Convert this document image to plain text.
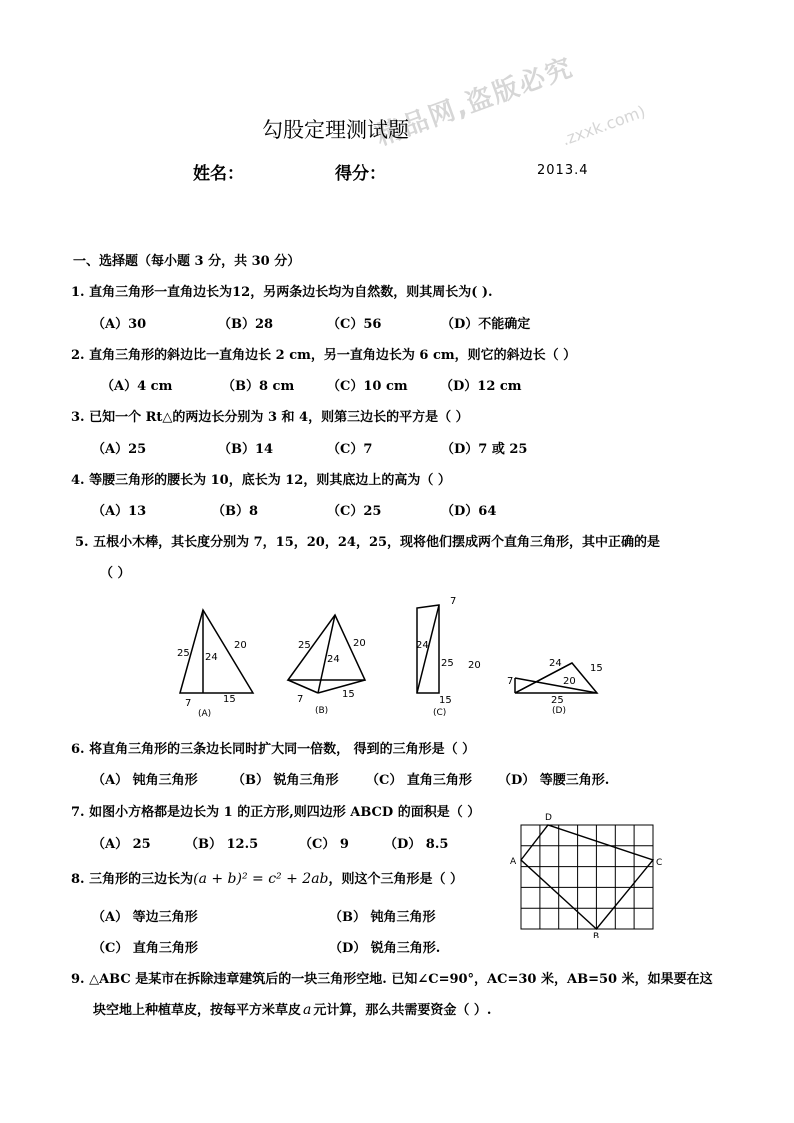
精品网,盗版必究
.zxxk.com)
勾股定理测试题
姓名：	得分：	2013.4
一、选择题（每小题 3 分，共 30 分）
1. 直角三角形一直角边长为12，另两条边长均为自然数，则其周长为( ).
（A）30	（B）28	（C）56	（D）不能确定
2. 直角三角形的斜边比一直角边长 2 cm，另一直角边长为 6 cm，则它的斜边长（ ）
（A）4 cm	（B）8 cm	（C）10 cm （D）12 cm
3. 已知一个 Rt△的两边长分别为 3 和 4，则第三边长的平方是（ ）
（A）25	（B）14	（C）7	（D）7 或 25
4. 等腰三角形的腰长为 10，底长为 12，则其底边上的高为（ ）
（A）13	（B）8	（C）25	（D）64
5. 五根小木棒，其长度分别为 7，15，20，24，25，现将他们摆成两个直角三角形，其中正确的是
（ ）
25 24
20
7	15
(A)
25	20
24
7	15
(B)
7
24
25 20
15
(C)
24	15
7	20
25
(D)
6. 将直角三角形的三条边长同时扩大同一倍数， 得到的三角形是（ ）
（A） 钝角三角形	（B） 锐角三角形 （C） 直角三角形 （D） 等腰三角形.
7. 如图小方格都是边长为 1 的正方形,则四边形 ABCD 的面积是（ ）
（A） 25	（B） 12.5	（C） 9	（D） 8.5
D
A	C
B
8. 三角形的三边长为(a + b)² = c² + 2ab，则这个三角形是（ ）
（A） 等边三角形	（B） 钝角三角形
（C） 直角三角形	（D） 锐角三角形.
9. △ABC 是某市在拆除违章建筑后的一块三角形空地. 已知∠C=90°，AC=30 米，AB=50 米，如果要在这
块空地上种植草皮，按每平方米草皮 a 元计算，那么共需要资金（ ）.
